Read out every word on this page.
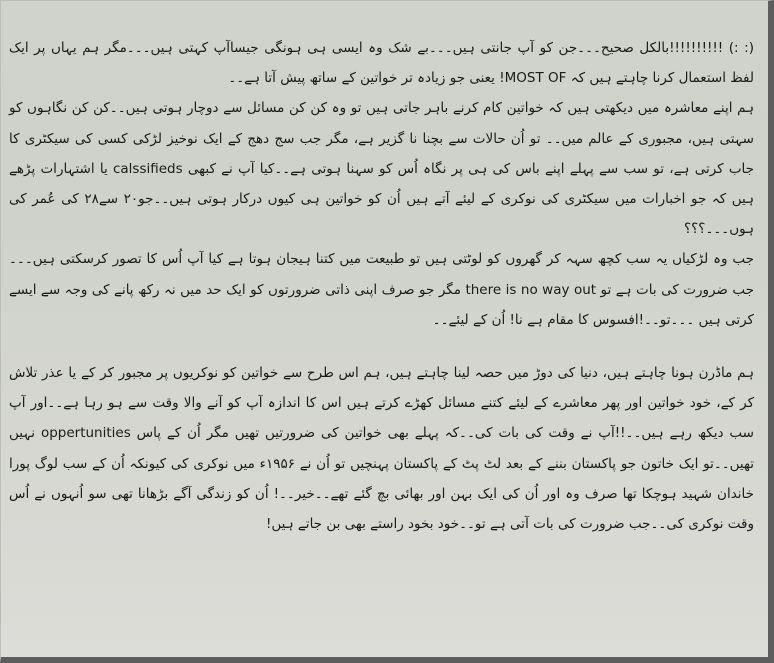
(: :) !!!!!!!!!!بالکل صحیح۔۔۔جن کو آپ جانتی ہیں۔۔۔بے شک وہ ایسی ہی ہونگی جیساآپ کہتی ہیں۔۔۔مگر ہم یہاں پر ایک لفظ استعمال کرنا چاہتے ہیں کہ MOST OF! یعنی جو زیادہ تر خواتین کے ساتھ پیش آتا ہے۔۔

ہم اپنے معاشرہ میں دیکھتی ہیں کہ خواتین کام کرنے باہر جاتی ہیں تو وہ کن کن مسائل سے دوچار ہوتی ہیں۔۔کن کن نگاہوں کو سہتی ہیں، مجبوری کے عالم میں۔۔ تو اُن حالات سے بچنا نا گزیر ہے، مگر جب سج دھج کے ایک نوخیز لڑکی کسی کی سیکٹری کا جاب کرتی ہے، تو سب سے پہلے اپنے باس کی ہی پر نگاہ اُس کو سہنا ہوتی ہے۔۔کیا آپ نے کبھی calssifieds یا اشتہارات پڑھے ہیں کہ جو اخبارات میں سیکٹری کی نوکری کے لیئے آتے ہیں اُن کو خواتین ہی کیوں درکار ہوتی ہیں۔۔جو۲۰ سے۲۸ کی عُمر کی ہوں۔۔۔؟؟؟

جب وہ لڑکیاں یہ سب کچھ سہہ کر گھروں کو لوٹتی ہیں تو طبیعت میں کتنا ہیجان ہوتا ہے کیا آپ اُس کا تصور کرسکتی ہیں۔۔۔جب ضرورت کی بات ہے تو there is no way out مگر جو صرف اپنی ذاتی ضرورتوں کو ایک حد میں نہ رکھ پانے کی وجہ سے ایسے کرتی ہیں ۔۔۔تو۔۔!افسوس کا مقام ہے نا! اُن کے لیئے۔۔

ہم ماڈرن ہونا چاہتے ہیں، دنیا کی دوڑ میں حصہ لینا چاہتے ہیں، ہم اس طرح سے خواتین کو نوکریوں پر مجبور کر کے یا عذر تلاش کر کے، خود خواتین اور پھر معاشرے کے لیئے کتنے مسائل کھڑے کرتے ہیں اس کا اندازہ آپ کو آنے والا وقت سے ہو رہا ہے۔۔اور آپ سب دیکھ رہے ہیں۔۔!!آپ نے وقت کی بات کی۔۔کہ پہلے بھی خواتین کی ضرورتیں تھیں مگر اُن کے پاس oppertunities نہیں تھیں۔۔تو ایک خاتون جو پاکستان بننے کے بعد لٹ پٹ کے پاکستان پہنچیں تو اُن نے ۱۹۵۶ء میں نوکری کی کیونکہ اُن کے سب لوگ پورا خاندان شہید ہوچکا تھا صرف وہ اور اُن کی ایک بہن اور بھائی بچ گئے تھے۔۔خیر۔۔! اُن کو زندگی آگے بڑھانا تھی سو اُنہوں نے اُس وقت نوکری کی۔۔جب ضرورت کی بات آتی ہے تو۔۔خود بخود راستے بھی بن جاتے ہیں!
